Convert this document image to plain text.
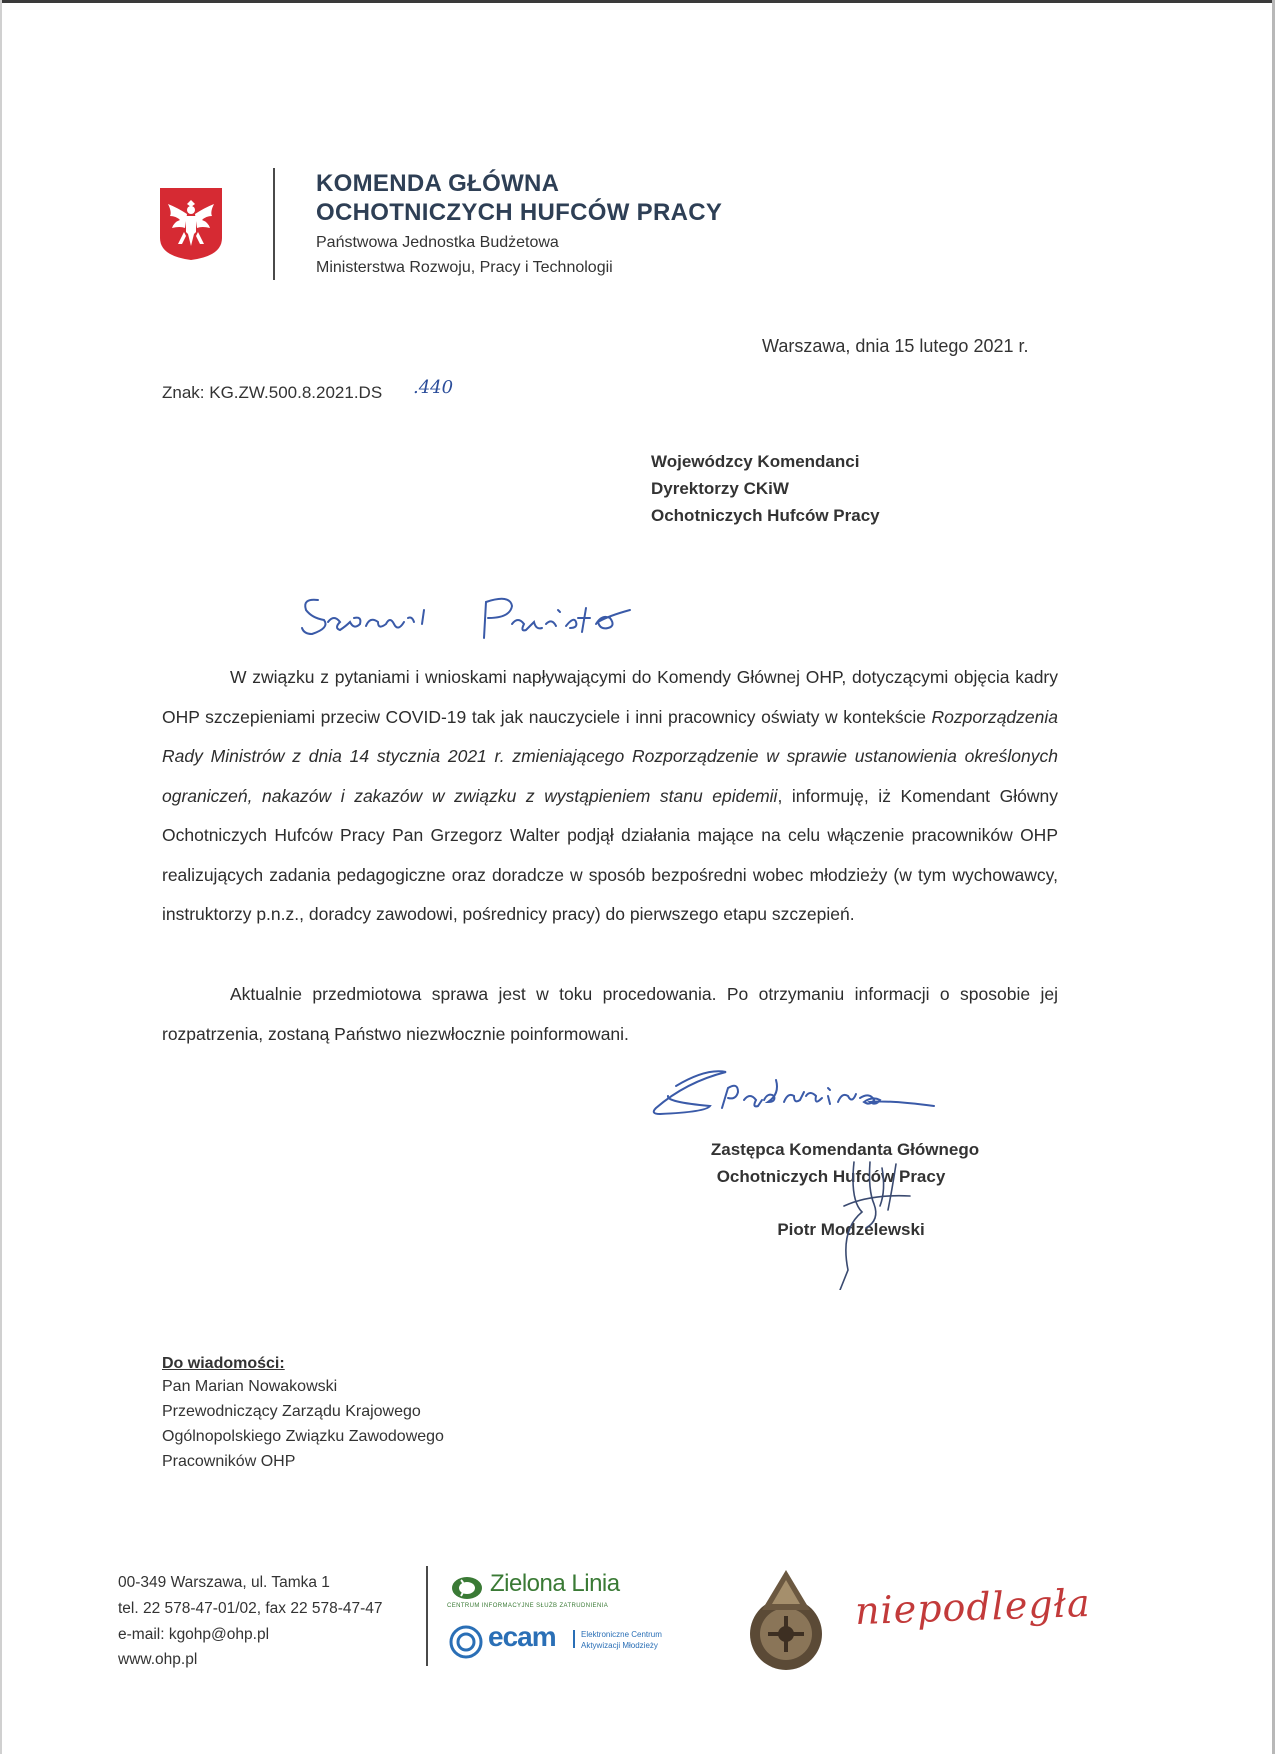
KOMENDA GŁÓWNA
OCHOTNICZYCH HUFCÓW PRACY
Państwowa Jednostka Budżetowa
Ministerstwa Rozwoju, Pracy i Technologii
Warszawa, dnia 15 lutego 2021 r.
Znak: KG.ZW.500.8.2021.DS .440
Wojewódzcy Komendanci
Dyrektorzy CKiW
Ochotniczych Hufców Pracy
W związku z pytaniami i wnioskami napływającymi do Komendy Głównej OHP, dotyczącymi objęcia kadry OHP szczepieniami przeciw COVID-19 tak jak nauczyciele i inni pracownicy oświaty w kontekście Rozporządzenia Rady Ministrów z dnia 14 stycznia 2021 r. zmieniającego Rozporządzenie w sprawie ustanowienia określonych ograniczeń, nakazów i zakazów w związku z wystąpieniem stanu epidemii, informuję, iż Komendant Główny Ochotniczych Hufców Pracy Pan Grzegorz Walter podjął działania mające na celu włączenie pracowników OHP realizujących zadania pedagogiczne oraz doradcze w sposób bezpośredni wobec młodzieży (w tym wychowawcy, instruktorzy p.n.z., doradcy zawodowi, pośrednicy pracy) do pierwszego etapu szczepień.
Aktualnie przedmiotowa sprawa jest w toku procedowania. Po otrzymaniu informacji o sposobie jej rozpatrzenia, zostaną Państwo niezwłocznie poinformowani.
Zastępca Komendanta Głównego
Ochotniczych Hufców Pracy
Piotr Modzelewski
Do wiadomości:
Pan Marian Nowakowski
Przewodniczący Zarządu Krajowego
Ogólnopolskiego Związku Zawodowego
Pracowników OHP
00-349 Warszawa, ul. Tamka 1
tel. 22 578-47-01/02, fax 22 578-47-47
e-mail: kgohp@ohp.pl
www.ohp.pl
Zielona Linia
CENTRUM INFORMACYJNE SŁUŻB ZATRUDNIENIA
ecam	Elektroniczne Centrum
Aktywizacji Młodzieży
niepodległa
